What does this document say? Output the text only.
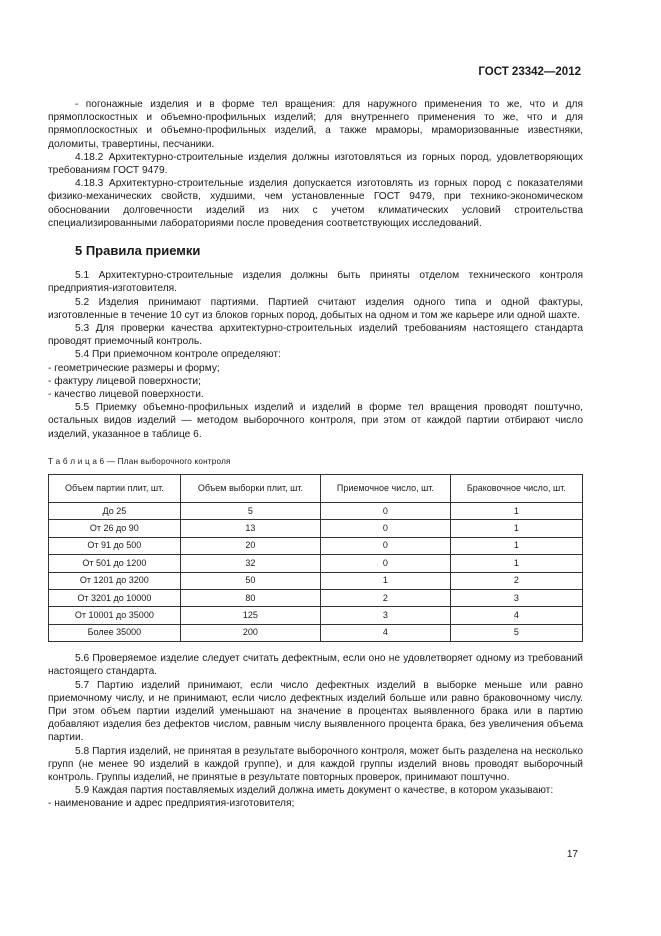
ГОСТ 23342—2012

- погонажные изделия и в форме тел вращения: для наружного применения то же, что и для прямоплоскостных и объемно-профильных изделий; для внутреннего применения то же, что и для прямоплоскостных и объемно-профильных изделий, а также мраморы, мраморизованные известняки, доломиты, травертины, песчаники.

4.18.2 Архитектурно-строительные изделия должны изготовляться из горных пород, удовлетворяющих требованиям ГОСТ 9479.

4.18.3 Архитектурно-строительные изделия допускается изготовлять из горных пород с показателями физико-механических свойств, худшими, чем установленные ГОСТ 9479, при технико-экономическом обосновании долговечности изделий из них с учетом климатических условий строительства специализированными лабораториями после проведения соответствующих исследований.

5 Правила приемки

5.1 Архитектурно-строительные изделия должны быть приняты отделом технического контроля предприятия-изготовителя.

5.2 Изделия принимают партиями. Партией считают изделия одного типа и одной фактуры, изготовленные в течение 10 сут из блоков горных пород, добытых на одном и том же карьере или одной шахте.

5.3 Для проверки качества архитектурно-строительных изделий требованиям настоящего стандарта проводят приемочный контроль.

5.4 При приемочном контроле определяют:

- геометрические размеры и форму;

- фактуру лицевой поверхности;

- качество лицевой поверхности.

5.5 Приемку объемно-профильных изделий и изделий в форме тел вращения проводят поштучно, остальных видов изделий — методом выборочного контроля, при этом от каждой партии отбирают число изделий, указанное в таблице 6.

Т а б л и ц а 6 — План выборочного контроля
Объем партии плит, шт.	Объем выборки плит, шт.	Приемочное число, шт.	Браковочное число, шт.
До 25	5	0	1
От 26 до 90	13	0	1
От 91 до 500	20	0	1
От 501 до 1200	32	0	1
От 1201 до 3200	50	1	2
От 3201 до 10000	80	2	3
От 10001 до 35000	125	3	4
Более 35000	200	4	5

5.6 Проверяемое изделие следует считать дефектным, если оно не удовлетворяет одному из требований настоящего стандарта.

5.7 Партию изделий принимают, если число дефектных изделий в выборке меньше или равно приемочному числу, и не принимают, если число дефектных изделий больше или равно браковочному числу. При этом объем партии изделий уменьшают на значение в процентах выявленного брака или в партию добавляют изделия без дефектов числом, равным числу выявленного процента брака, без увеличения объема партии.

5.8 Партия изделий, не принятая в результате выборочного контроля, может быть разделена на несколько групп (не менее 90 изделий в каждой группе), и для каждой группы изделий вновь проводят выборочный контроль. Группы изделий, не принятые в результате повторных проверок, принимают поштучно.

5.9 Каждая партия поставляемых изделий должна иметь документ о качестве, в котором указывают:

- наименование и адрес предприятия-изготовителя;

17
